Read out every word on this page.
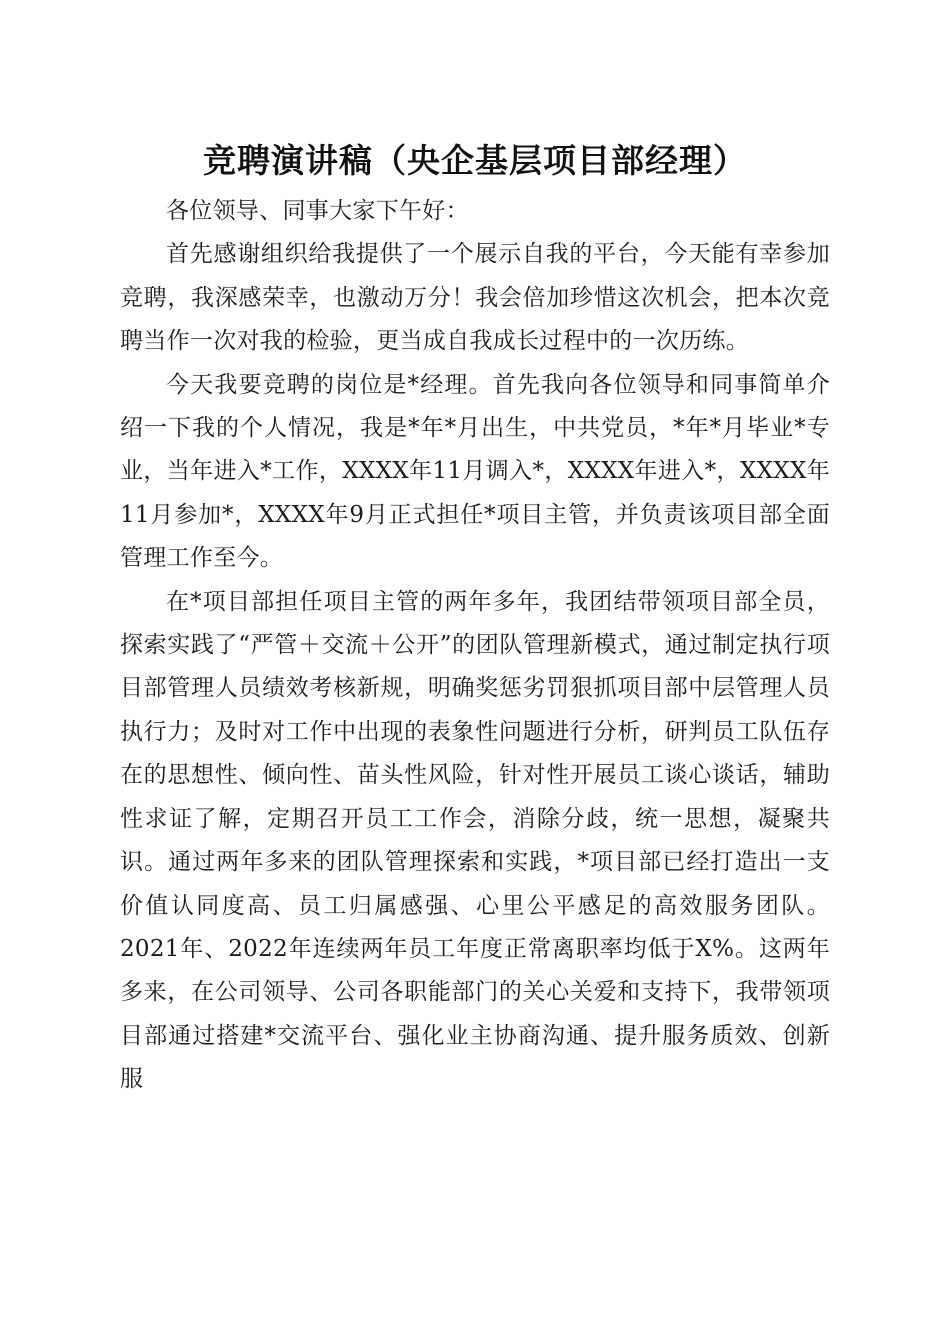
竞聘演讲稿（央企基层项目部经理）

各位领导、同事大家下午好：

首先感谢组织给我提供了一个展示自我的平台，今天能有幸参加竞聘，我深感荣幸，也激动万分！我会倍加珍惜这次机会，把本次竞聘当作一次对我的检验，更当成自我成长过程中的一次历练。

今天我要竞聘的岗位是*经理。首先我向各位领导和同事简单介绍一下我的个人情况，我是*年*月出生，中共党员，*年*月毕业*专业，当年进入*工作，XXXX年11月调入*，XXXX年进入*，XXXX年11月参加*，XXXX年9月正式担任*项目主管，并负责该项目部全面管理工作至今。

在*项目部担任项目主管的两年多年，我团结带领项目部全员，探索实践了“严管＋交流＋公开”的团队管理新模式，通过制定执行项目部管理人员绩效考核新规，明确奖惩劣罚狠抓项目部中层管理人员执行力；及时对工作中出现的表象性问题进行分析，研判员工队伍存在的思想性、倾向性、苗头性风险，针对性开展员工谈心谈话，辅助性求证了解，定期召开员工工作会，消除分歧，统一思想，凝聚共识。通过两年多来的团队管理探索和实践，*项目部已经打造出一支价值认同度高、员工归属感强、心里公平感足的高效服务团队。2021年、2022年连续两年员工年度正常离职率均低于X%。这两年多来，在公司领导、公司各职能部门的关心关爱和支持下，我带领项目部通过搭建*交流平台、强化业主协商沟通、提升服务质效、创新服
